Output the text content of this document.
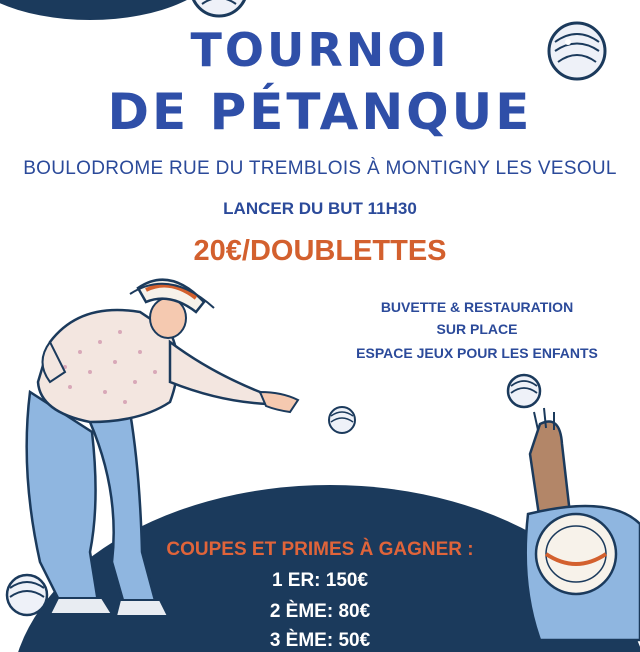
TOURNOI
DE PÉTANQUE
BOULODROME RUE DU TREMBLOIS À MONTIGNY LES VESOUL
LANCER DU BUT 11H30
20€/DOUBLETTES
BUVETTE & RESTAURATION
SUR PLACE
ESPACE JEUX POUR LES ENFANTS
COUPES ET PRIMES À GAGNER :
1 ER: 150€
2 ÈME: 80€
3 ÈME: 50€
